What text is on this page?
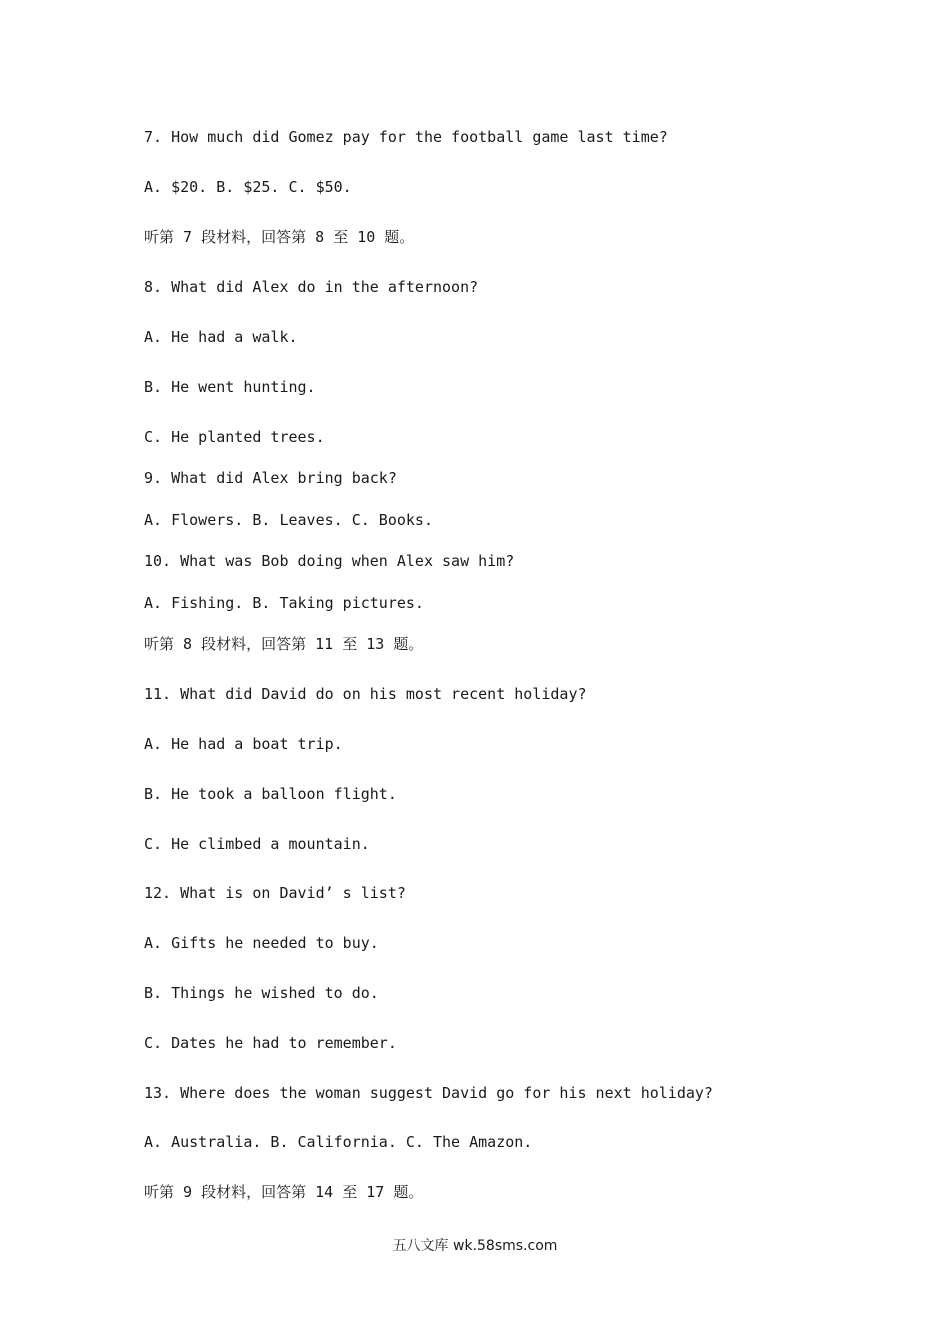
7. How much did Gomez pay for the football game last time?

A. $20. B. $25. C. $50.

听第 7 段材料，回答第 8 至 10 题。

8. What did Alex do in the afternoon?

A. He had a walk.

B. He went hunting.

C. He planted trees.

9. What did Alex bring back?

A. Flowers. B. Leaves. C. Books.

10. What was Bob doing when Alex saw him?

A. Fishing. B. Taking pictures.

听第 8 段材料，回答第 11 至 13 题。

11. What did David do on his most recent holiday?

A. He had a boat trip.

B. He took a balloon flight.

C. He climbed a mountain.

12. What is on David’ s list?

A. Gifts he needed to buy.

B. Things he wished to do.

C. Dates he had to remember.

13. Where does the woman suggest David go for his next holiday?

A. Australia. B. California. C. The Amazon.

听第 9 段材料，回答第 14 至 17 题。

五八文库 wk.58sms.com
